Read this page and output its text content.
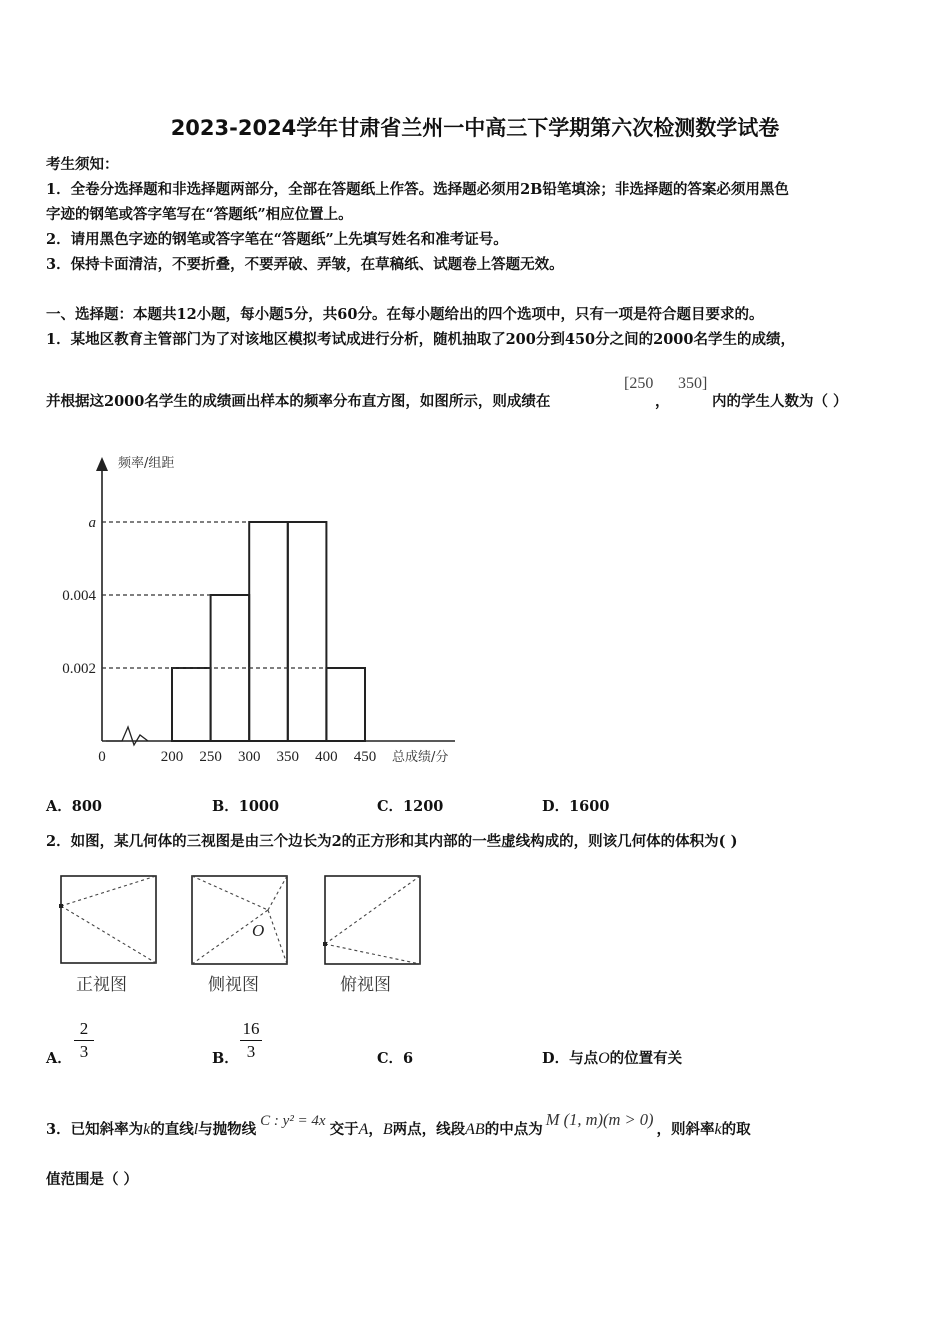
2023-2024学年甘肃省兰州一中高三下学期第六次检测数学试卷
考生须知：
1．全卷分选择题和非选择题两部分，全部在答题纸上作答。选择题必须用2B铅笔填涂；非选择题的答案必须用黑色
字迹的钢笔或答字笔写在“答题纸”相应位置上。
2．请用黑色字迹的钢笔或答字笔在“答题纸”上先填写姓名和准考证号。
3．保持卡面清洁，不要折叠，不要弄破、弄皱，在草稿纸、试题卷上答题无效。
一、选择题：本题共12小题，每小题5分，共60分。在每小题给出的四个选项中，只有一项是符合题目要求的。
1．某地区教育主管部门为了对该地区模拟考试成进行分析，随机抽取了200分到450分之间的2000名学生的成绩，
并根据这2000名学生的成绩画出样本的频率分布直方图，如图所示，则成绩在
[250
，
350]
内的学生人数为（ ）
0.002
0.004
a
0	200 250 300 350 400 450
频率/组距
总成绩/分
A．800	B．1000	C．1200	D．1600
2．如图，某几何体的三视图是由三个边长为2的正方形和其内部的一些虚线构成的，则该几何体的体积为( )
正视图
O
侧视图	俯视图
A．
2
3	B．
16
3	C．6	D．与点O的位置有关
3．已知斜率为k的直线l与抛物线 C : y² = 4x 交于A，B两点，线段AB的中点为M (1, m)(m > 0)，则斜率k的取
值范围是（ ）
